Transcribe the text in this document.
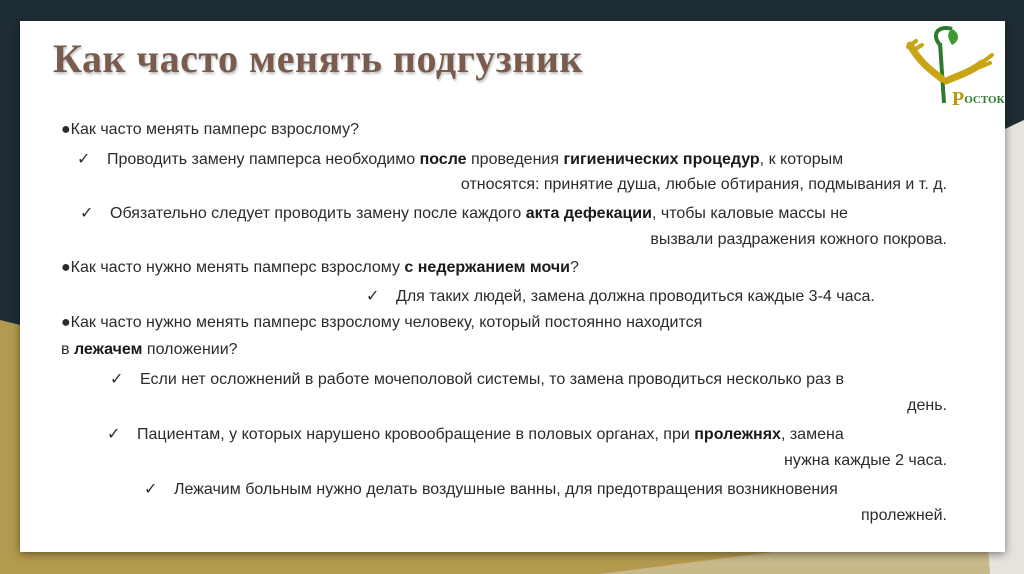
Как часто менять подгузник
РОСТОК
●Как часто менять памперс взрослому?
✓ Проводить замену памперса необходимо после проведения гигиенических процедур, к которым
относятся: принятие душа, любые обтирания, подмывания и т. д.
✓ Обязательно следует проводить замену после каждого акта дефекации, чтобы каловые массы не
вызвали раздражения кожного покрова.
●Как часто нужно менять памперс взрослому с недержанием мочи?
✓ Для таких людей, замена должна проводиться каждые 3-4 часа.
●Как часто нужно менять памперс взрослому человеку, который постоянно находится
в лежачем положении?
✓ Если нет осложнений в работе мочеполовой системы, то замена проводиться несколько раз в
день.
✓ Пациентам, у которых нарушено кровообращение в половых органах, при пролежнях, замена
нужна каждые 2 часа.
✓ Лежачим больным нужно делать воздушные ванны, для предотвращения возникновения
пролежней.
